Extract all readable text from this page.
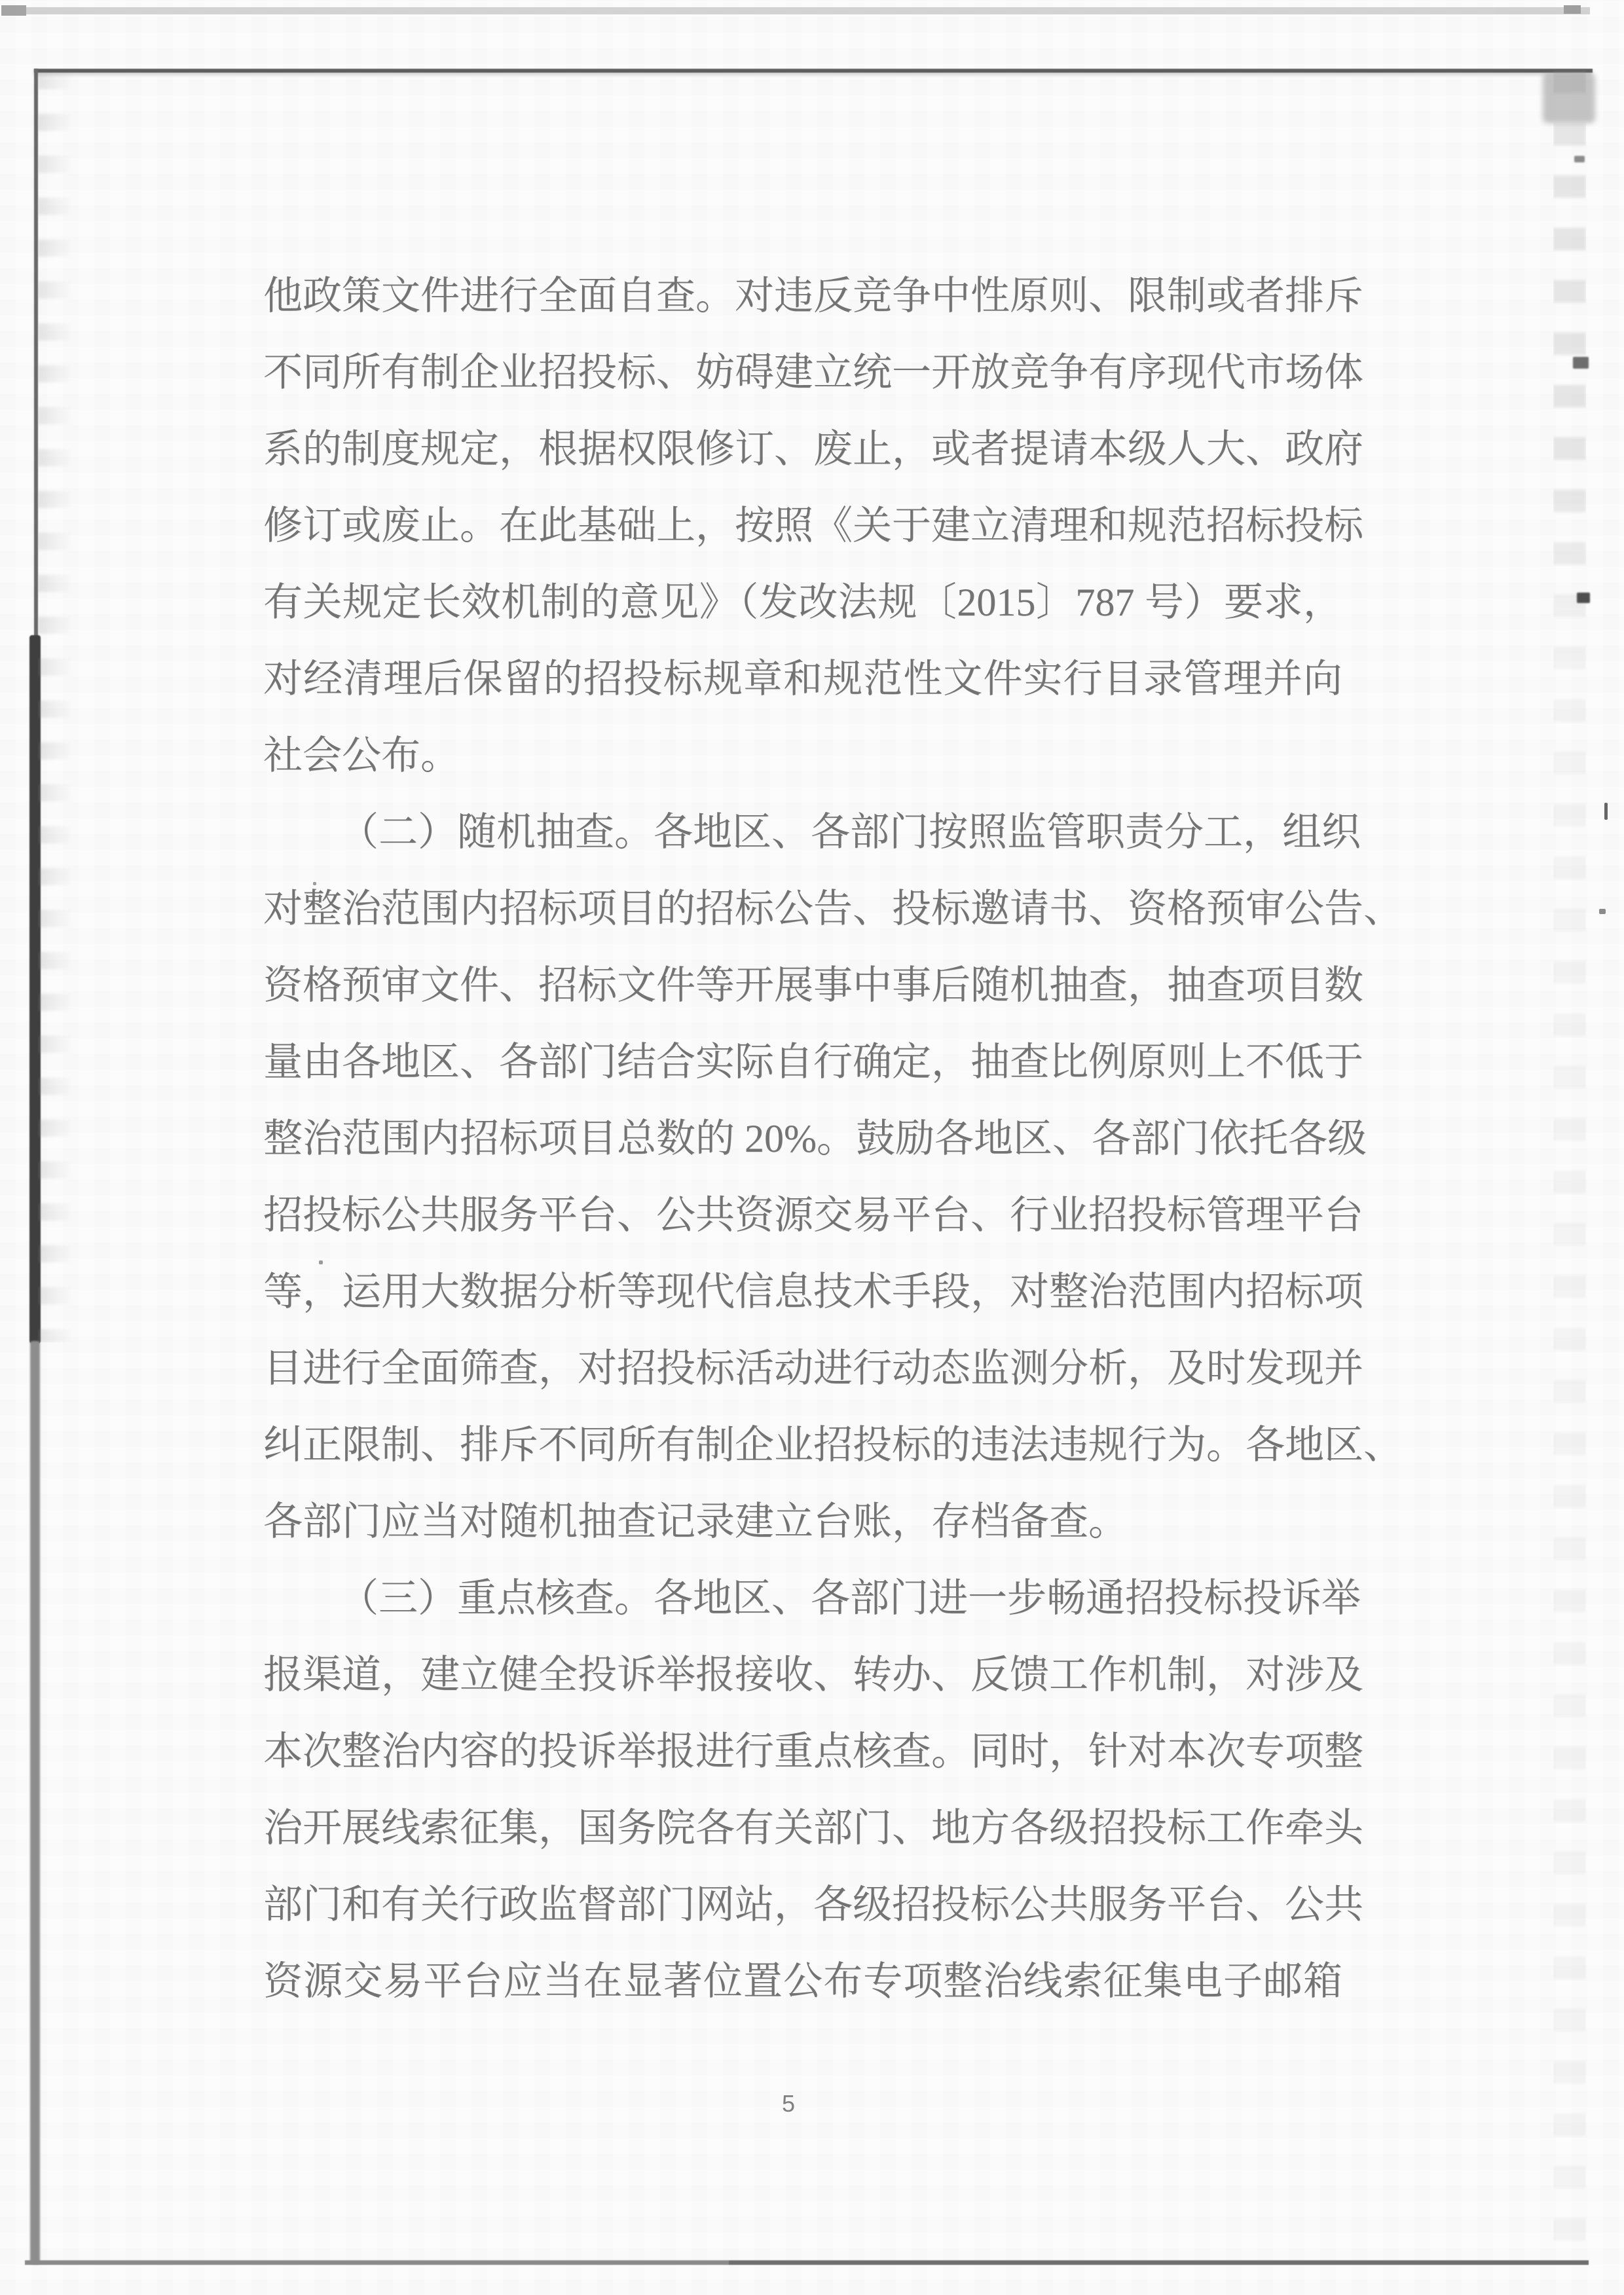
他政策文件进行全面自查。对违反竞争中性原则、限制或者排斥
不同所有制企业招投标、妨碍建立统一开放竞争有序现代市场体
系的制度规定，根据权限修订、废止，或者提请本级人大、政府
修订或废止。在此基础上，按照《关于建立清理和规范招标投标
有关规定长效机制的意见》（发改法规〔2015〕787 号）要求，
对经清理后保留的招投标规章和规范性文件实行目录管理并向
社会公布。
（二）随机抽查。各地区、各部门按照监管职责分工，组织
对整治范围内招标项目的招标公告、投标邀请书、资格预审公告、
资格预审文件、招标文件等开展事中事后随机抽查，抽查项目数
量由各地区、各部门结合实际自行确定，抽查比例原则上不低于
整治范围内招标项目总数的 20%。鼓励各地区、各部门依托各级
招投标公共服务平台、公共资源交易平台、行业招投标管理平台
等，运用大数据分析等现代信息技术手段，对整治范围内招标项
目进行全面筛查，对招投标活动进行动态监测分析，及时发现并
纠正限制、排斥不同所有制企业招投标的违法违规行为。各地区、
各部门应当对随机抽查记录建立台账，存档备查。
（三）重点核查。各地区、各部门进一步畅通招投标投诉举
报渠道，建立健全投诉举报接收、转办、反馈工作机制，对涉及
本次整治内容的投诉举报进行重点核查。同时，针对本次专项整
治开展线索征集，国务院各有关部门、地方各级招投标工作牵头
部门和有关行政监督部门网站，各级招投标公共服务平台、公共
资源交易平台应当在显著位置公布专项整治线索征集电子邮箱
5
